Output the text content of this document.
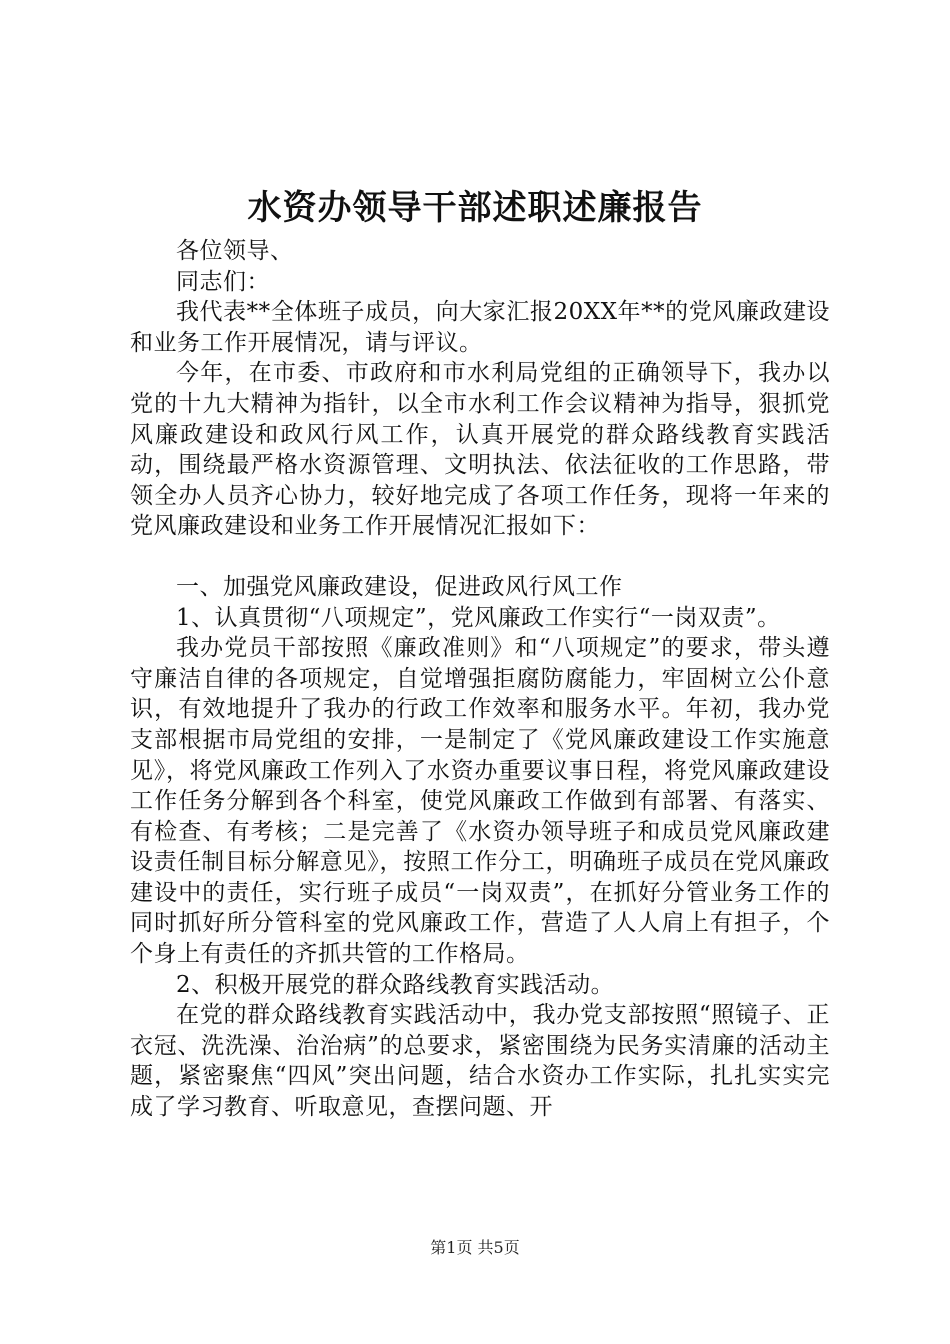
水资办领导干部述职述廉报告

各位领导、

同志们：

我代表**全体班子成员，向大家汇报20XX年**的党风廉政建设和业务工作开展情况，请与评议。

今年，在市委、市政府和市水利局党组的正确领导下，我办以党的十九大精神为指针，以全市水利工作会议精神为指导，狠抓党风廉政建设和政风行风工作，认真开展党的群众路线教育实践活动，围绕最严格水资源管理、文明执法、依法征收的工作思路，带领全办人员齐心协力，较好地完成了各项工作任务，现将一年来的党风廉政建设和业务工作开展情况汇报如下：

一、加强党风廉政建设，促进政风行风工作

1、认真贯彻“八项规定”，党风廉政工作实行“一岗双责”。

我办党员干部按照《廉政准则》和“八项规定”的要求，带头遵守廉洁自律的各项规定，自觉增强拒腐防腐能力，牢固树立公仆意识，有效地提升了我办的行政工作效率和服务水平。年初，我办党支部根据市局党组的安排，一是制定了《党风廉政建设工作实施意见》，将党风廉政工作列入了水资办重要议事日程，将党风廉政建设工作任务分解到各个科室，使党风廉政工作做到有部署、有落实、有检查、有考核；二是完善了《水资办领导班子和成员党风廉政建设责任制目标分解意见》，按照工作分工，明确班子成员在党风廉政建设中的责任，实行班子成员“一岗双责”，在抓好分管业务工作的同时抓好所分管科室的党风廉政工作，营造了人人肩上有担子，个个身上有责任的齐抓共管的工作格局。

2、积极开展党的群众路线教育实践活动。

在党的群众路线教育实践活动中，我办党支部按照“照镜子、正衣冠、洗洗澡、治治病”的总要求，紧密围绕为民务实清廉的活动主题，紧密聚焦“四风”突出问题，结合水资办工作实际，扎扎实实完成了学习教育、听取意见，查摆问题、开

第1页 共5页
